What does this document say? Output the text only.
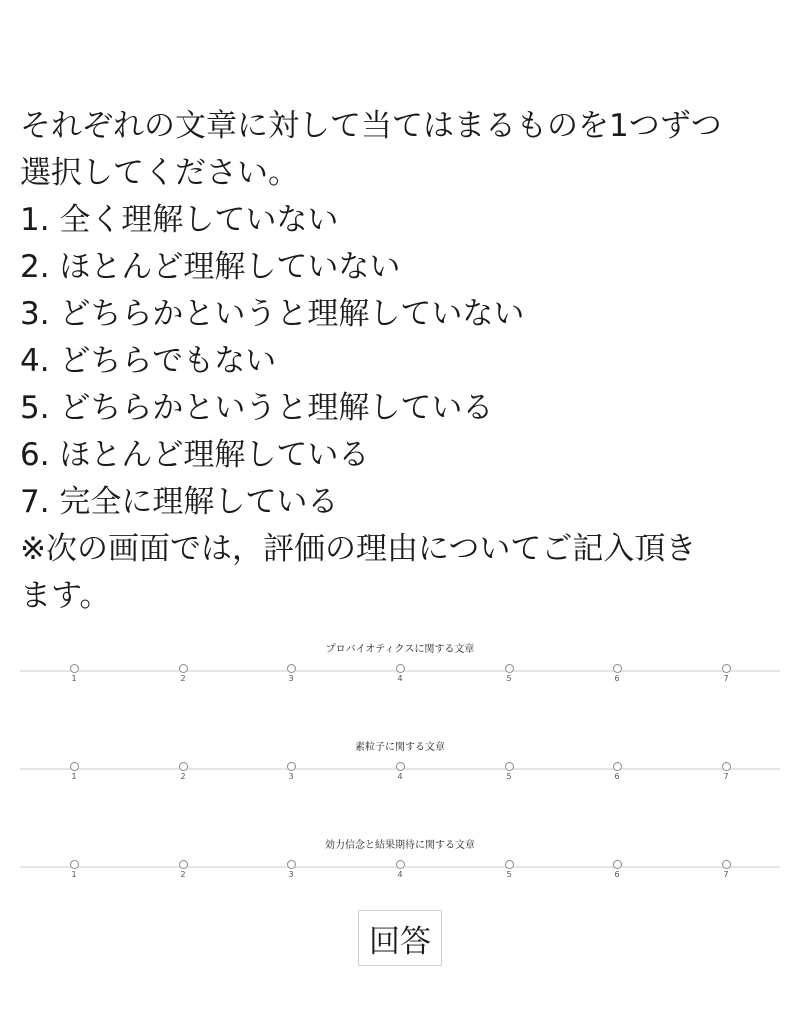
それぞれの文章に対して当てはまるものを1つずつ
選択してください。
1. 全く理解していない
2. ほとんど理解していない
3. どちらかというと理解していない
4. どちらでもない
5. どちらかというと理解している
6. ほとんど理解している
7. 完全に理解している
※次の画面では，評価の理由についてご記入頂き
ます。
プロバイオティクスに関する文章
1	2	3	4	5	6	7
素粒子に関する文章
1	2	3	4	5	6	7
効力信念と結果期待に関する文章
1	2	3	4	5	6	7
回答
